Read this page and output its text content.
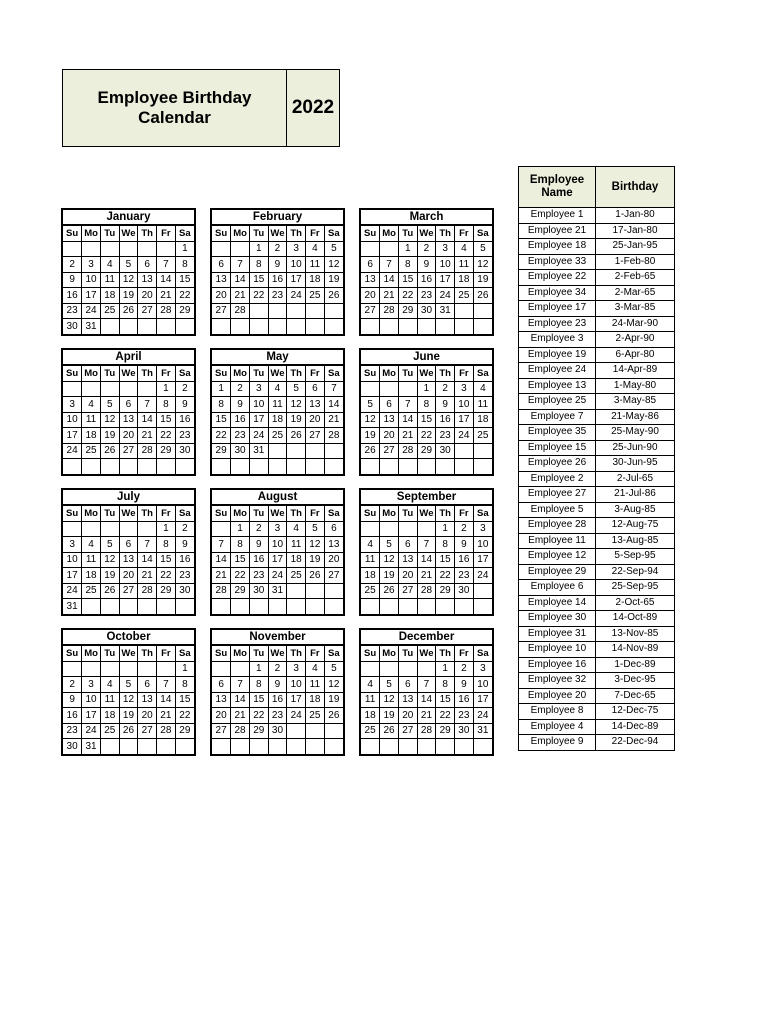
Employee Birthday Calendar	2022
January
Su	Mo	Tu	We	Th	Fr	Sa
						1
2	3	4	5	6	7	8
9	10	11	12	13	14	15
16	17	18	19	20	21	22
23	24	25	26	27	28	29
30	31					
February
Su	Mo	Tu	We	Th	Fr	Sa
		1	2	3	4	5
6	7	8	9	10	11	12
13	14	15	16	17	18	19
20	21	22	23	24	25	26
27	28					

March
Su	Mo	Tu	We	Th	Fr	Sa
		1	2	3	4	5
6	7	8	9	10	11	12
13	14	15	16	17	18	19
20	21	22	23	24	25	26
27	28	29	30	31		

April
Su	Mo	Tu	We	Th	Fr	Sa
					1	2
3	4	5	6	7	8	9
10	11	12	13	14	15	16
17	18	19	20	21	22	23
24	25	26	27	28	29	30

May
Su	Mo	Tu	We	Th	Fr	Sa
1	2	3	4	5	6	7
8	9	10	11	12	13	14
15	16	17	18	19	20	21
22	23	24	25	26	27	28
29	30	31				

June
Su	Mo	Tu	We	Th	Fr	Sa
			1	2	3	4
5	6	7	8	9	10	11
12	13	14	15	16	17	18
19	20	21	22	23	24	25
26	27	28	29	30		

July
Su	Mo	Tu	We	Th	Fr	Sa
					1	2
3	4	5	6	7	8	9
10	11	12	13	14	15	16
17	18	19	20	21	22	23
24	25	26	27	28	29	30
31						
August
Su	Mo	Tu	We	Th	Fr	Sa
	1	2	3	4	5	6
7	8	9	10	11	12	13
14	15	16	17	18	19	20
21	22	23	24	25	26	27
28	29	30	31			

September
Su	Mo	Tu	We	Th	Fr	Sa
				1	2	3
4	5	6	7	8	9	10
11	12	13	14	15	16	17
18	19	20	21	22	23	24
25	26	27	28	29	30	

October
Su	Mo	Tu	We	Th	Fr	Sa
						1
2	3	4	5	6	7	8
9	10	11	12	13	14	15
16	17	18	19	20	21	22
23	24	25	26	27	28	29
30	31					
November
Su	Mo	Tu	We	Th	Fr	Sa
		1	2	3	4	5
6	7	8	9	10	11	12
13	14	15	16	17	18	19
20	21	22	23	24	25	26
27	28	29	30			

December
Su	Mo	Tu	We	Th	Fr	Sa
				1	2	3
4	5	6	7	8	9	10
11	12	13	14	15	16	17
18	19	20	21	22	23	24
25	26	27	28	29	30	31

Employee Name	Birthday
Employee 1	1-Jan-80
Employee 21	17-Jan-80
Employee 18	25-Jan-95
Employee 33	1-Feb-80
Employee 22	2-Feb-65
Employee 34	2-Mar-65
Employee 17	3-Mar-85
Employee 23	24-Mar-90
Employee 3	2-Apr-90
Employee 19	6-Apr-80
Employee 24	14-Apr-89
Employee 13	1-May-80
Employee 25	3-May-85
Employee 7	21-May-86
Employee 35	25-May-90
Employee 15	25-Jun-90
Employee 26	30-Jun-95
Employee 2	2-Jul-65
Employee 27	21-Jul-86
Employee 5	3-Aug-85
Employee 28	12-Aug-75
Employee 11	13-Aug-85
Employee 12	5-Sep-95
Employee 29	22-Sep-94
Employee 6	25-Sep-95
Employee 14	2-Oct-65
Employee 30	14-Oct-89
Employee 31	13-Nov-85
Employee 10	14-Nov-89
Employee 16	1-Dec-89
Employee 32	3-Dec-95
Employee 20	7-Dec-65
Employee 8	12-Dec-75
Employee 4	14-Dec-89
Employee 9	22-Dec-94
